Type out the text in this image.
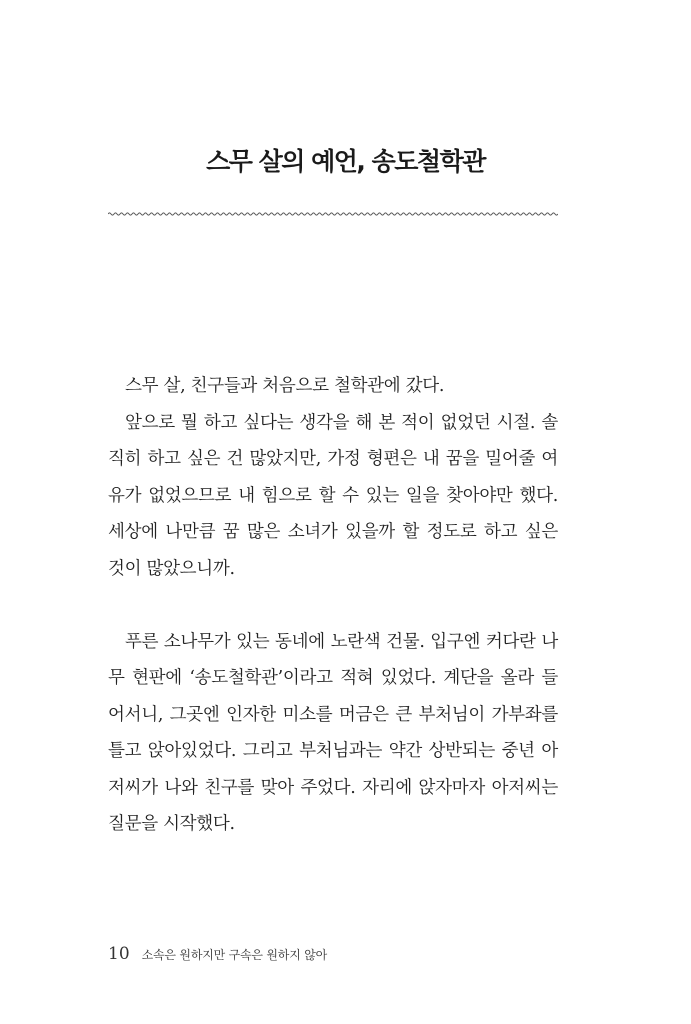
스무 살의 예언, 송도철학관

스무 살, 친구들과 처음으로 철학관에 갔다.

앞으로 뭘 하고 싶다는 생각을 해 본 적이 없었던 시절. 솔직히 하고 싶은 건 많았지만, 가정 형편은 내 꿈을 밀어줄 여유가 없었으므로 내 힘으로 할 수 있는 일을 찾아야만 했다. 세상에 나만큼 꿈 많은 소녀가 있을까 할 정도로 하고 싶은 것이 많았으니까.

푸른 소나무가 있는 동네에 노란색 건물. 입구엔 커다란 나무 현판에 ‘송도철학관’이라고 적혀 있었다. 계단을 올라 들어서니, 그곳엔 인자한 미소를 머금은 큰 부처님이 가부좌를 틀고 앉아있었다. 그리고 부처님과는 약간 상반되는 중년 아저씨가 나와 친구를 맞아 주었다. 자리에 앉자마자 아저씨는 질문을 시작했다.

10 소속은 원하지만 구속은 원하지 않아
